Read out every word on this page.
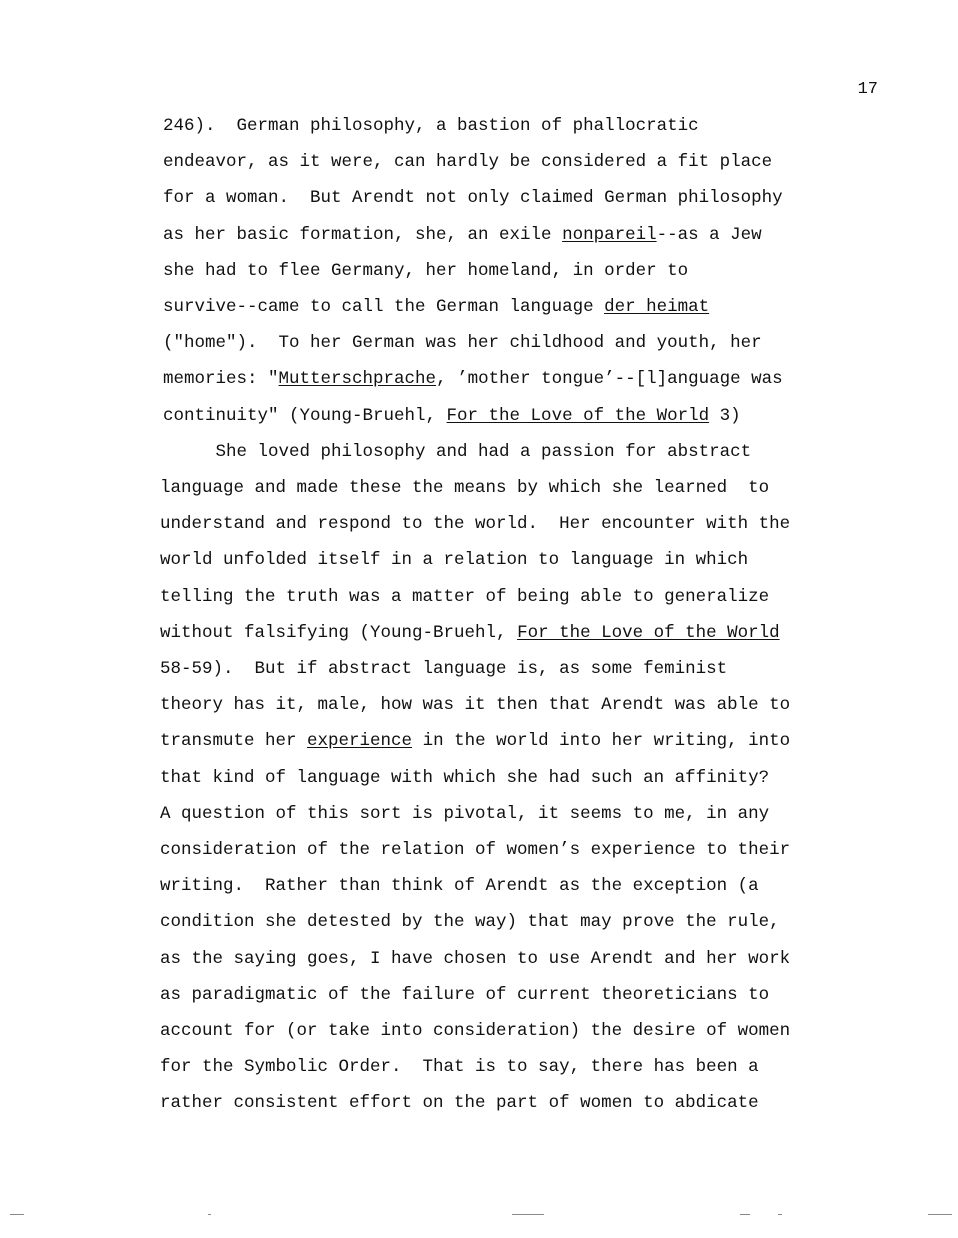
17
246).  German philosophy, a bastion of phallocratic
endeavor, as it were, can hardly be considered a fit place
for a woman.  But Arendt not only claimed German philosophy
as her basic formation, she, an exile nonpareil--as a Jew
she had to flee Germany, her homeland, in order to
survive--came to call the German language der heimat
("home").  To her German was her childhood and youth, her
memories: "Mutterschprache, ’mother tongue’--[l]anguage was
continuity" (Young-Bruehl, For the Love of the World 3)
She loved philosophy and had a passion for abstract
language and made these the means by which she learned  to
understand and respond to the world.  Her encounter with the
world unfolded itself in a relation to language in which
telling the truth was a matter of being able to generalize
without falsifying (Young-Bruehl, For the Love of the World
58-59).  But if abstract language is, as some feminist
theory has it, male, how was it then that Arendt was able to
transmute her experience in the world into her writing, into
that kind of language with which she had such an affinity?
A question of this sort is pivotal, it seems to me, in any
consideration of the relation of women’s experience to their
writing.  Rather than think of Arendt as the exception (a
condition she detested by the way) that may prove the rule,
as the saying goes, I have chosen to use Arendt and her work
as paradigmatic of the failure of current theoreticians to
account for (or take into consideration) the desire of women
for the Symbolic Order.  That is to say, there has been a
rather consistent effort on the part of women to abdicate
